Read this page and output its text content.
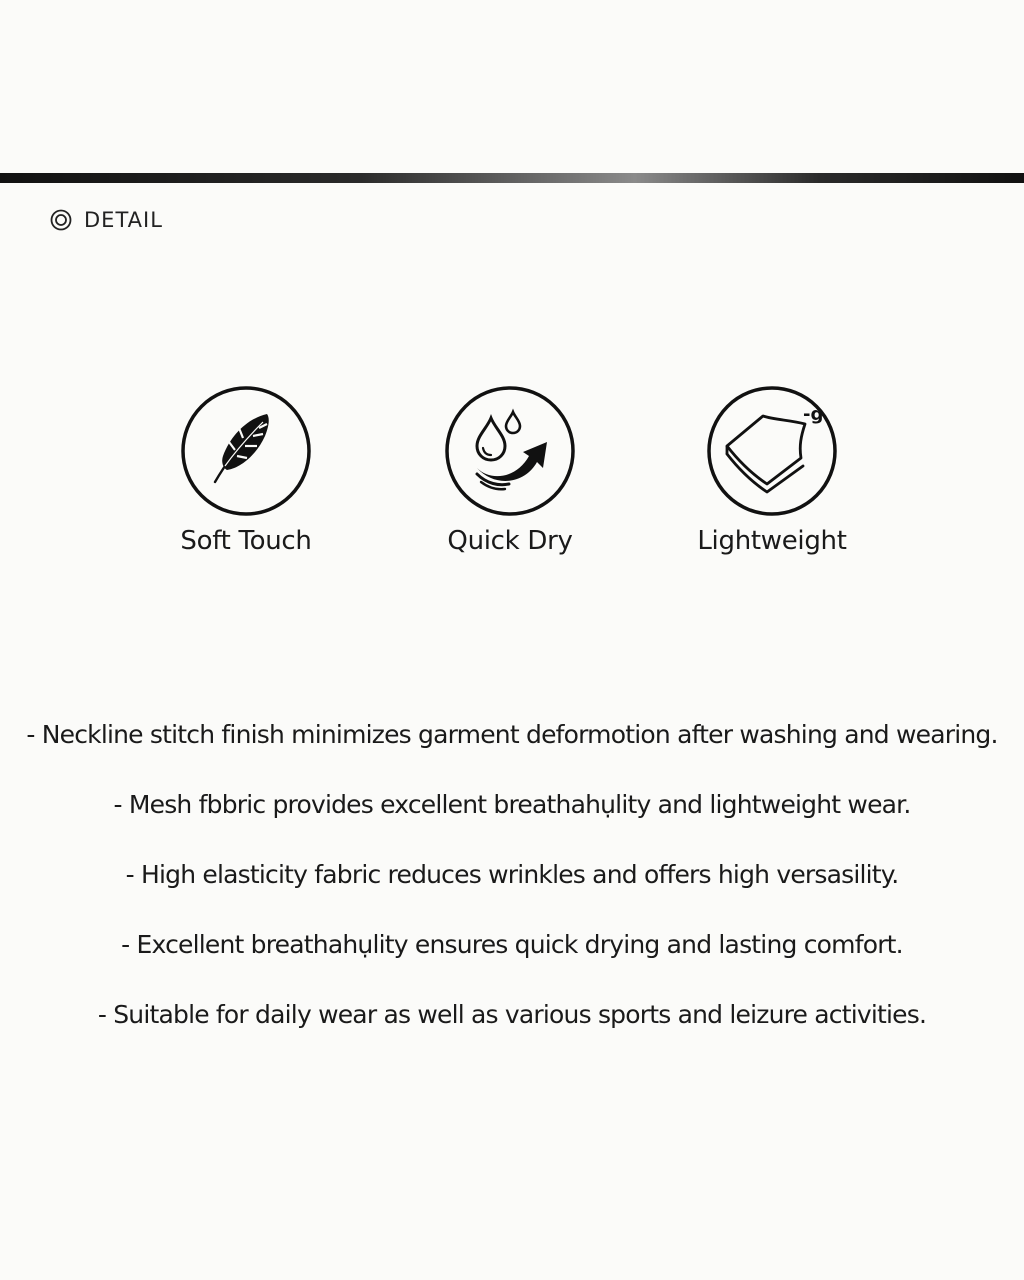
DETAIL
Soft Touch	Quick Dry
-g
Lightweight
- Neckline stitch finish minimizes garment deformotion after washing and wearing.
- Mesh fbbric provides excellent breathahụlity and lightweight wear.
- High elasticity fabric reduces wrinkles and offers high versasility.
- Excellent breathahụlity ensures quick drying and lasting comfort.
- Suitable for daily wear as well as various sports and leizure activities.
